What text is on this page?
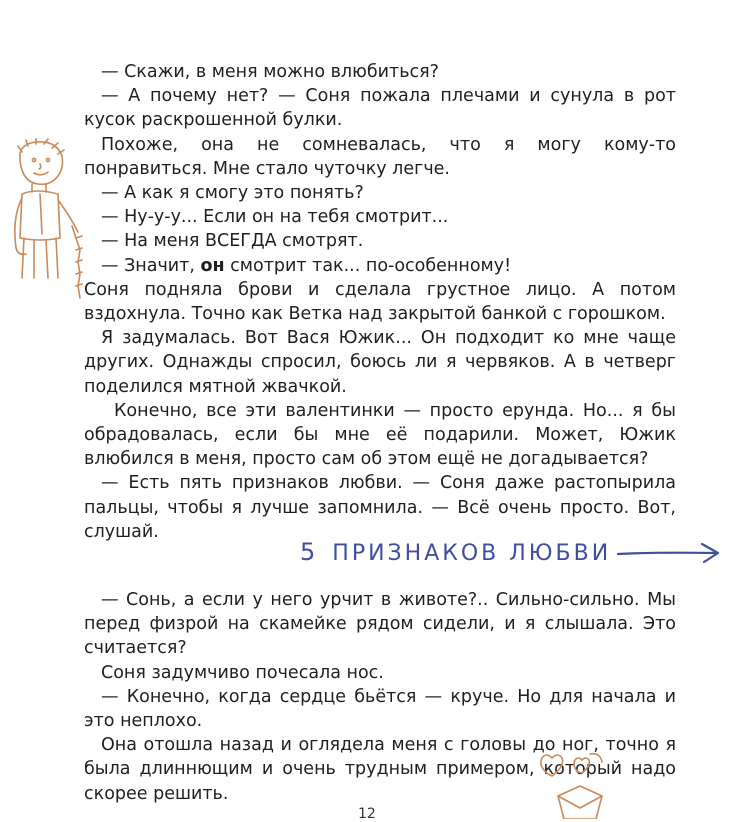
— Скажи, в меня можно влюбиться?

— А почему нет? — Соня пожала плечами и сунула в рот кусок раскрошенной булки.

Похоже, она не сомневалась, что я могу кому-то понравиться. Мне стало чуточку легче.

— А как я смогу это понять?

— Ну-у-у... Если он на тебя смотрит...

— На меня ВСЕГДА смотрят.

— Значит, он смотрит так... по-особенному!

Соня подняла брови и сделала грустное лицо. А потом вздохнула. Точно как Ветка над закрытой банкой с горошком.

Я задумалась. Вот Вася Южик... Он подходит ко мне чаще других. Однажды спросил, боюсь ли я червяков. А в четверг поделился мятной жвачкой.

Конечно, все эти валентинки — просто ерунда. Но... я бы обрадовалась, если бы мне её подарили. Может, Южик влюбился в меня, просто сам об этом ещё не догадывается?

— Есть пять признаков любви. — Соня даже растопырила пальцы, чтобы я лучше запомнила. — Всё очень просто. Вот, слушай.

5 ПРИЗНАКОВ ЛЮБВИ

— Сонь, а если у него урчит в животе?.. Сильно-сильно. Мы перед физрой на скамейке рядом сидели, и я слышала. Это считается?

Соня задумчиво почесала нос.

— Конечно, когда сердце бьётся — круче. Но для начала и это неплохо.

Она отошла назад и оглядела меня с головы до ног, точно я была длиннющим и очень трудным примером, который надо скорее решить.

12
